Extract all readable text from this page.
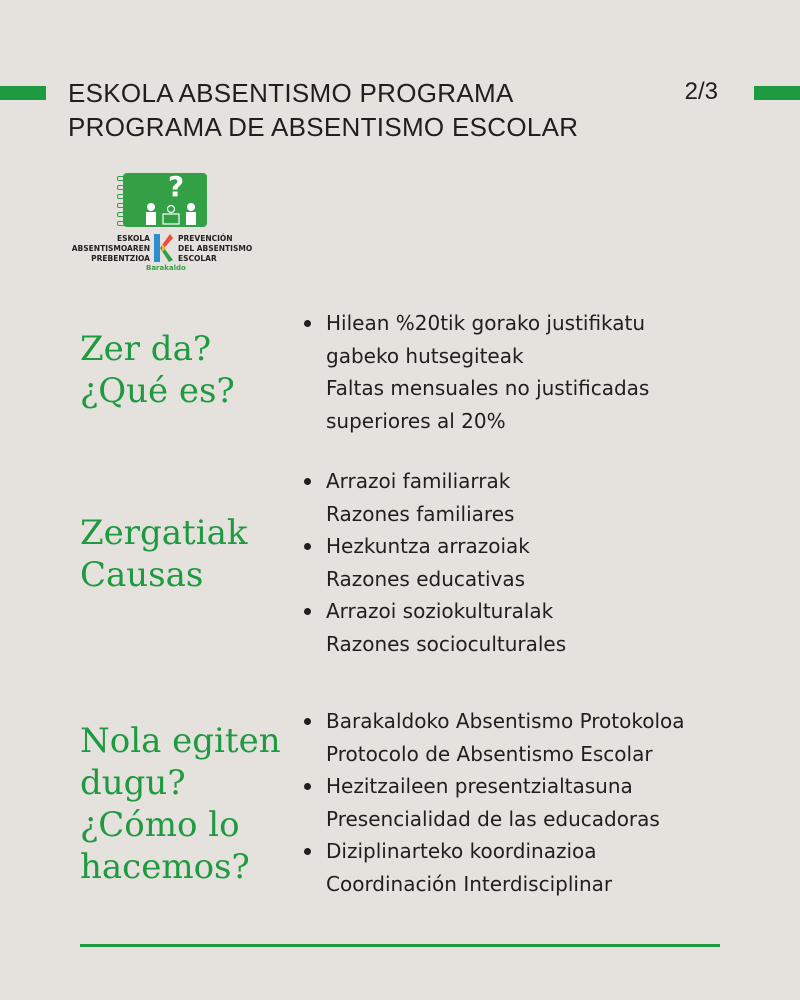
ESKOLA ABSENTISMO PROGRAMA
PROGRAMA DE ABSENTISMO ESCOLAR
2/3
?
ESKOLA
ABSENTISMOAREN
PREBENTZIOA
PREVENCIÓN
DEL ABSENTISMO
ESCOLAR
Barakaldo
Zer da?
¿Qué es?
Hilean %20tik gorako justifikatu
gabeko hutsegiteak
Faltas mensuales no justificadas
superiores al 20%
Zergatiak
Causas
Arrazoi familiarrak
Razones familiares
Hezkuntza arrazoiak
Razones educativas
Arrazoi soziokulturalak
Razones socioculturales
Nola egiten
dugu?
¿Cómo lo
hacemos?
Barakaldoko Absentismo Protokoloa
Protocolo de Absentismo Escolar
Hezitzaileen presentzialtasuna
Presencialidad de las educadoras
Diziplinarteko koordinazioa
Coordinación Interdisciplinar
